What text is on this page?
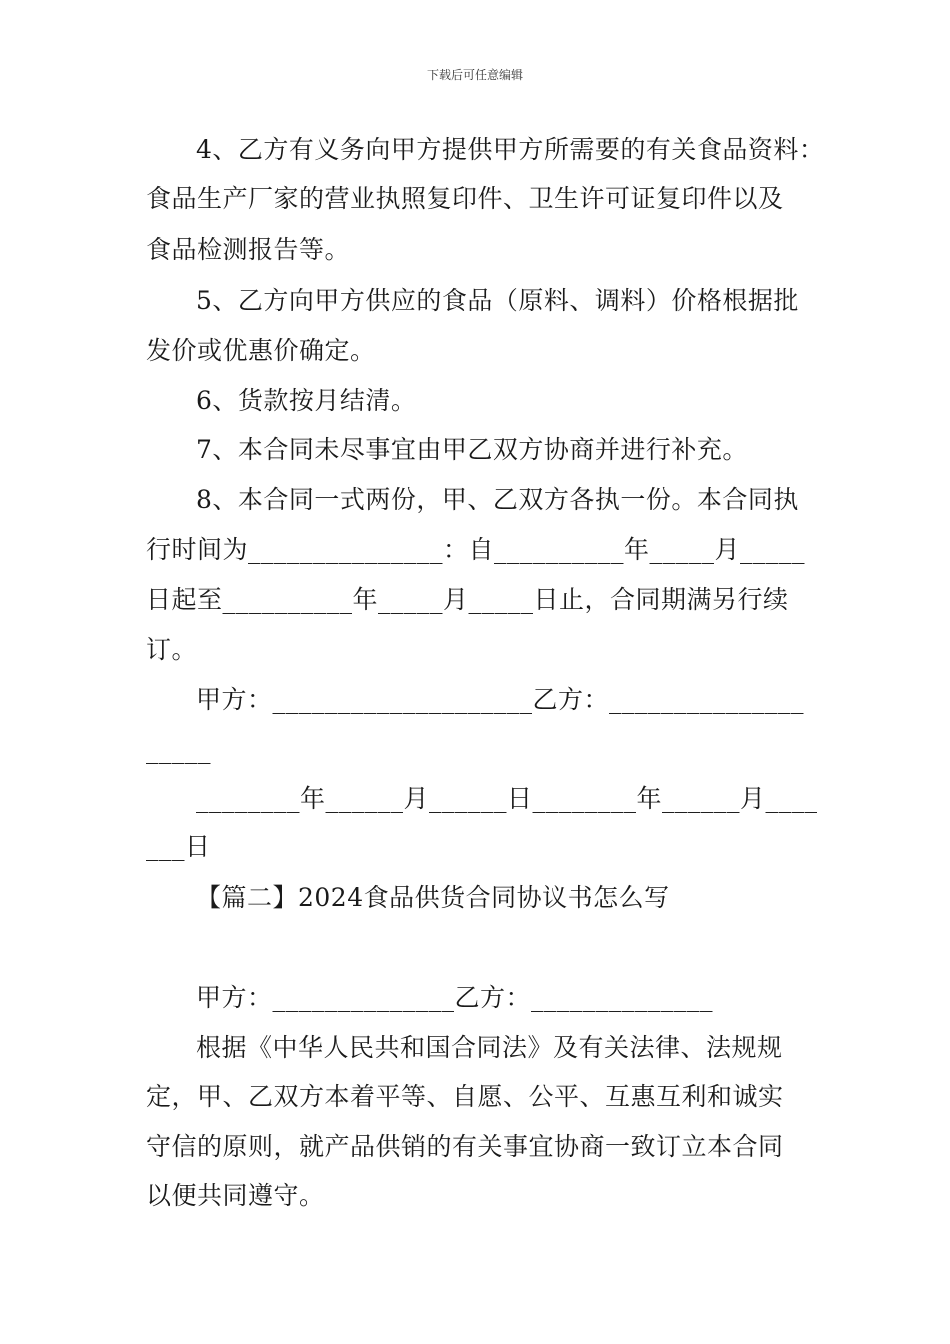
下载后可任意编辑
4、乙方有义务向甲方提供甲方所需要的有关食品资料：
食品生产厂家的营业执照复印件、卫生许可证复印件以及
食品检测报告等。
5、乙方向甲方供应的食品（原料、调料）价格根据批
发价或优惠价确定。
6、货款按月结清。
7、本合同未尽事宜由甲乙双方协商并进行补充。
8、本合同一式两份，甲、乙双方各执一份。本合同执
行时间为_______________：自__________年_____月_____
日起至__________年_____月_____日止，合同期满另行续
订。
甲方：____________________乙方：_______________
_____
________年______月______日________年______月____
___日
【篇二】2024食品供货合同协议书怎么写
甲方：______________乙方：______________
根据《中华人民共和国合同法》及有关法律、法规规
定，甲、乙双方本着平等、自愿、公平、互惠互利和诚实
守信的原则，就产品供销的有关事宜协商一致订立本合同
以便共同遵守。
